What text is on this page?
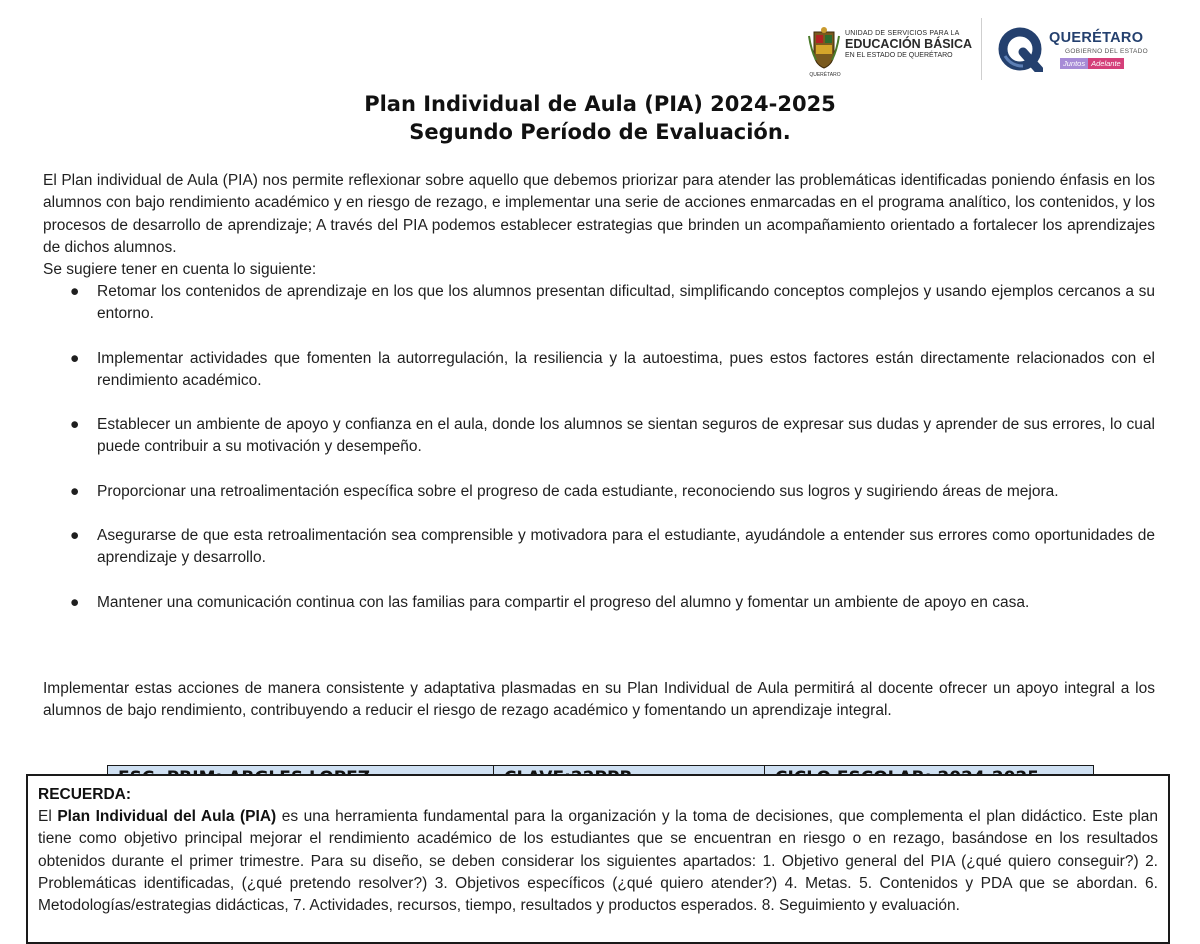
QUERÉTARO
UNIDAD DE SERVICIOS PARA LA
EDUCACIÓN BÁSICA
EN EL ESTADO DE QUERÉTARO
QUERÉTARO
GOBIERNO DEL ESTADO
Juntos Adelante
Plan Individual de Aula (PIA) 2024-2025
Segundo Período de Evaluación.
El Plan individual de Aula (PIA) nos permite reflexionar sobre aquello que debemos priorizar para atender las problemáticas identificadas poniendo énfasis en los alumnos con bajo rendimiento académico y en riesgo de rezago, e implementar una serie de acciones enmarcadas en el programa analítico, los contenidos, y los procesos de desarrollo de aprendizaje; A través del PIA podemos establecer estrategias que brinden un acompañamiento orientado a fortalecer los aprendizajes de dichos alumnos.
Se sugiere tener en cuenta lo siguiente:
● Retomar los contenidos de aprendizaje en los que los alumnos presentan dificultad, simplificando conceptos complejos y usando ejemplos cercanos a su entorno.
● Implementar actividades que fomenten la autorregulación, la resiliencia y la autoestima, pues estos factores están directamente relacionados con el rendimiento académico.
● Establecer un ambiente de apoyo y confianza en el aula, donde los alumnos se sientan seguros de expresar sus dudas y aprender de sus errores, lo cual puede contribuir a su motivación y desempeño.
● Proporcionar una retroalimentación específica sobre el progreso de cada estudiante, reconociendo sus logros y sugiriendo áreas de mejora.
● Asegurarse de que esta retroalimentación sea comprensible y motivadora para el estudiante, ayudándole a entender sus errores como oportunidades de aprendizaje y desarrollo.
● Mantener una comunicación continua con las familias para compartir el progreso del alumno y fomentar un ambiente de apoyo en casa.
Implementar estas acciones de manera consistente y adaptativa plasmadas en su Plan Individual de Aula permitirá al docente ofrecer un apoyo integral a los alumnos de bajo rendimiento, contribuyendo a reducir el riesgo de rezago académico y fomentando un aprendizaje integral.
RECUERDA:
El Plan Individual del Aula (PIA) es una herramienta fundamental para la organización y la toma de decisiones, que complementa el plan didáctico. Este plan tiene como objetivo principal mejorar el rendimiento académico de los estudiantes que se encuentran en riesgo o en rezago, basándose en los resultados obtenidos durante el primer trimestre. Para su diseño, se deben considerar los siguientes apartados: 1. Objetivo general del PIA (¿qué quiero conseguir?) 2. Problemáticas identificadas, (¿qué pretendo resolver?) 3. Objetivos específicos (¿qué quiero atender?) 4. Metas. 5. Contenidos y PDA que se abordan. 6. Metodologías/estrategias didácticas, 7. Actividades, recursos, tiempo, resultados y productos esperados. 8. Seguimiento y evaluación.
